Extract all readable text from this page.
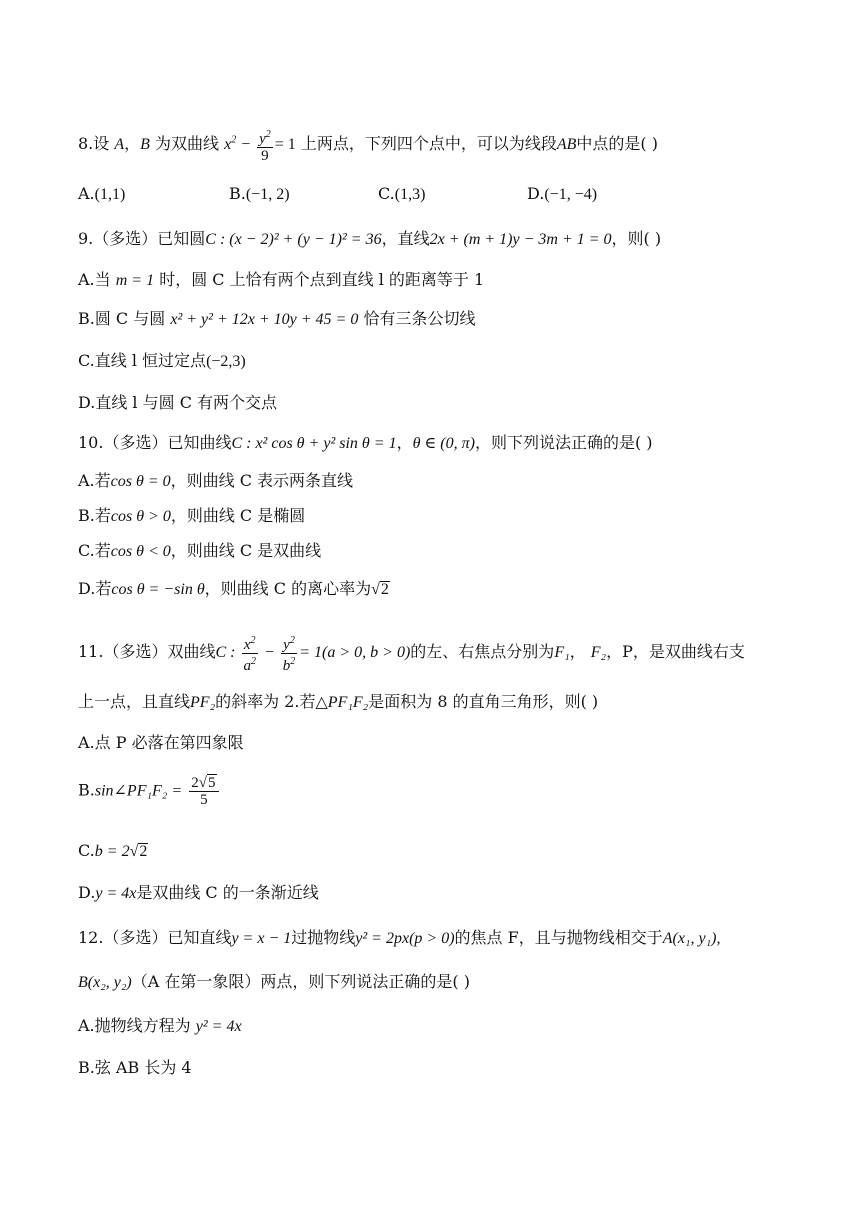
8.设 A，B 为双曲线 $x^2 - \frac{y^2}{9} = 1$ 上两点，下列四个点中，可以为线段AB中点的是( )
A.(1,1)	B.(−1, 2)	C.(1,3)	D.(−1, −4)
9.（多选）已知圆C : (x − 2)² + (y − 1)² = 36，直线2x + (m + 1)y − 3m + 1 = 0，则( )
A.当 m = 1 时，圆 C 上恰有两个点到直线 l 的距离等于 1
B.圆 C 与圆 x² + y² + 12x + 10y + 45 = 0 恰有三条公切线
C.直线 l 恒过定点(−2,3)
D.直线 l 与圆 C 有两个交点
10.（多选）已知曲线C : x² cos θ + y² sin θ = 1，θ ∈ (0, π)，则下列说法正确的是( )
A.若cos θ = 0，则曲线 C 表示两条直线
B.若cos θ > 0，则曲线 C 是椭圆
C.若cos θ < 0，则曲线 C 是双曲线
D.若cos θ = −sin θ，则曲线 C 的离心率为√2
11.（多选）双曲线C : $\frac{x^2}{a^2} - \frac{y^2}{b^2} = 1(a > 0$, b > 0)的左、右焦点分别为F₁， F₂，P，是双曲线右支
上一点，且直线PF₂的斜率为 2.若△PF₁F₂是面积为 8 的直角三角形，则( )
A.点 P 必落在第四象限
B.sin∠PF₁F₂ = $\frac{2√5}{5}$
C.b = 2√2
D.y = 4x是双曲线 C 的一条渐近线
12.（多选）已知直线y = x − 1过抛物线y² = 2px(p > 0)的焦点 F，且与抛物线相交于A(x₁, y₁),
B(x₂, y₂)（A 在第一象限）两点，则下列说法正确的是( )
A.抛物线方程为 y² = 4x
B.弦 AB 长为 4
